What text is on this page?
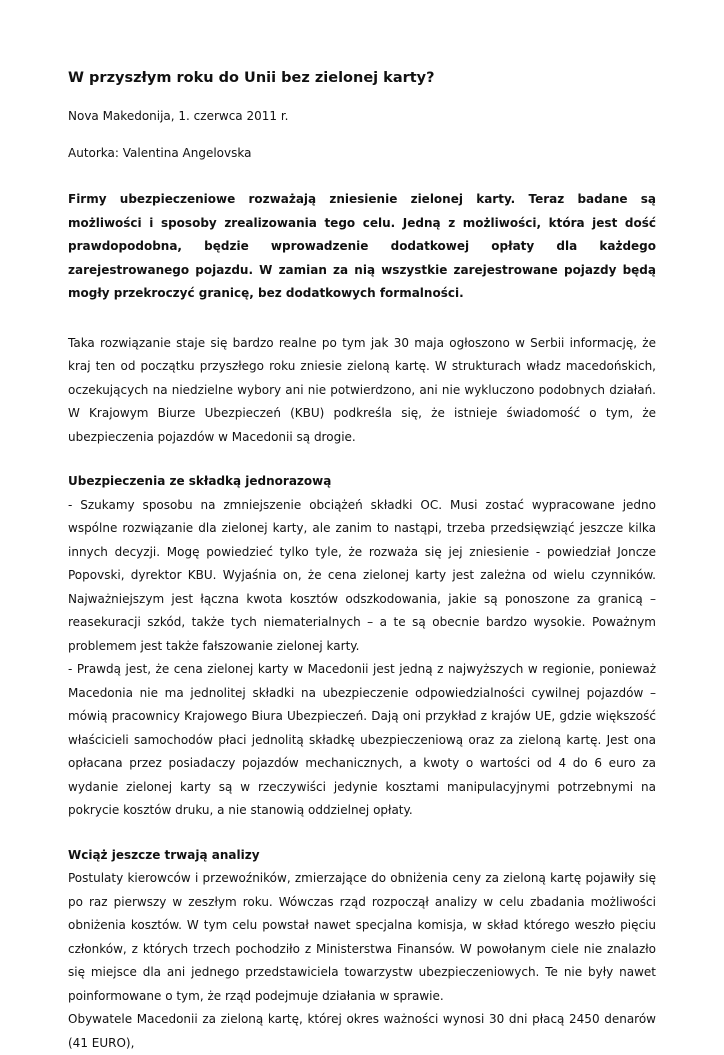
W przyszłym roku do Unii bez zielonej karty?

Nova Makedonija, 1. czerwca 2011 r.

Autorka: Valentina Angelovska

Firmy ubezpieczeniowe rozważają zniesienie zielonej karty. Teraz badane są możliwości i sposoby zrealizowania tego celu. Jedną z możliwości, która jest dość prawdopodobna, będzie wprowadzenie dodatkowej opłaty dla każdego zarejestrowanego pojazdu. W zamian za nią wszystkie zarejestrowane pojazdy będą mogły przekroczyć granicę, bez dodatkowych formalności.

Taka rozwiązanie staje się bardzo realne po tym jak 30 maja ogłoszono w Serbii informację, że kraj ten od początku przyszłego roku zniesie zieloną kartę. W strukturach władz macedońskich, oczekujących na niedzielne wybory ani nie potwierdzono, ani nie wykluczono podobnych działań. W Krajowym Biurze Ubezpieczeń (KBU) podkreśla się, że istnieje świadomość o tym, że ubezpieczenia pojazdów w Macedonii są drogie.

Ubezpieczenia ze składką jednorazową

- Szukamy sposobu na zmniejszenie obciążeń składki OC. Musi zostać wypracowane jedno wspólne rozwiązanie dla zielonej karty, ale zanim to nastąpi, trzeba przedsięwziąć jeszcze kilka innych decyzji. Mogę powiedzieć tylko tyle, że rozważa się jej zniesienie - powiedział Joncze Popovski, dyrektor KBU. Wyjaśnia on, że cena zielonej karty jest zależna od wielu czynników. Najważniejszym jest łączna kwota kosztów odszkodowania, jakie są ponoszone za granicą – reasekuracji szkód, także tych niematerialnych – a te są obecnie bardzo wysokie. Poważnym problemem jest także fałszowanie zielonej karty.

- Prawdą jest, że cena zielonej karty w Macedonii jest jedną z najwyższych w regionie, ponieważ Macedonia nie ma jednolitej składki na ubezpieczenie odpowiedzialności cywilnej pojazdów – mówią pracownicy Krajowego Biura Ubezpieczeń. Dają oni przykład z krajów UE, gdzie większość właścicieli samochodów płaci jednolitą składkę ubezpieczeniową oraz za zieloną kartę. Jest ona opłacana przez posiadaczy pojazdów mechanicznych, a kwoty o wartości od 4 do 6 euro za wydanie zielonej karty są w rzeczywiści jedynie kosztami manipulacyjnymi potrzebnymi na pokrycie kosztów druku, a nie stanowią oddzielnej opłaty.

Wciąż jeszcze trwają analizy

Postulaty kierowców i przewoźników, zmierzające do obniżenia ceny za zieloną kartę pojawiły się po raz pierwszy w zeszłym roku. Wówczas rząd rozpoczął analizy w celu zbadania możliwości obniżenia kosztów. W tym celu powstał nawet specjalna komisja, w skład którego weszło pięciu członków, z których trzech pochodziło z Ministerstwa Finansów. W powołanym ciele nie znalazło się miejsce dla ani jednego przedstawiciela towarzystw ubezpieczeniowych. Te nie były nawet poinformowane o tym, że rząd podejmuje działania w sprawie.

Obywatele Macedonii za zieloną kartę, której okres ważności wynosi 30 dni płacą 2450 denarów (41 EURO),
